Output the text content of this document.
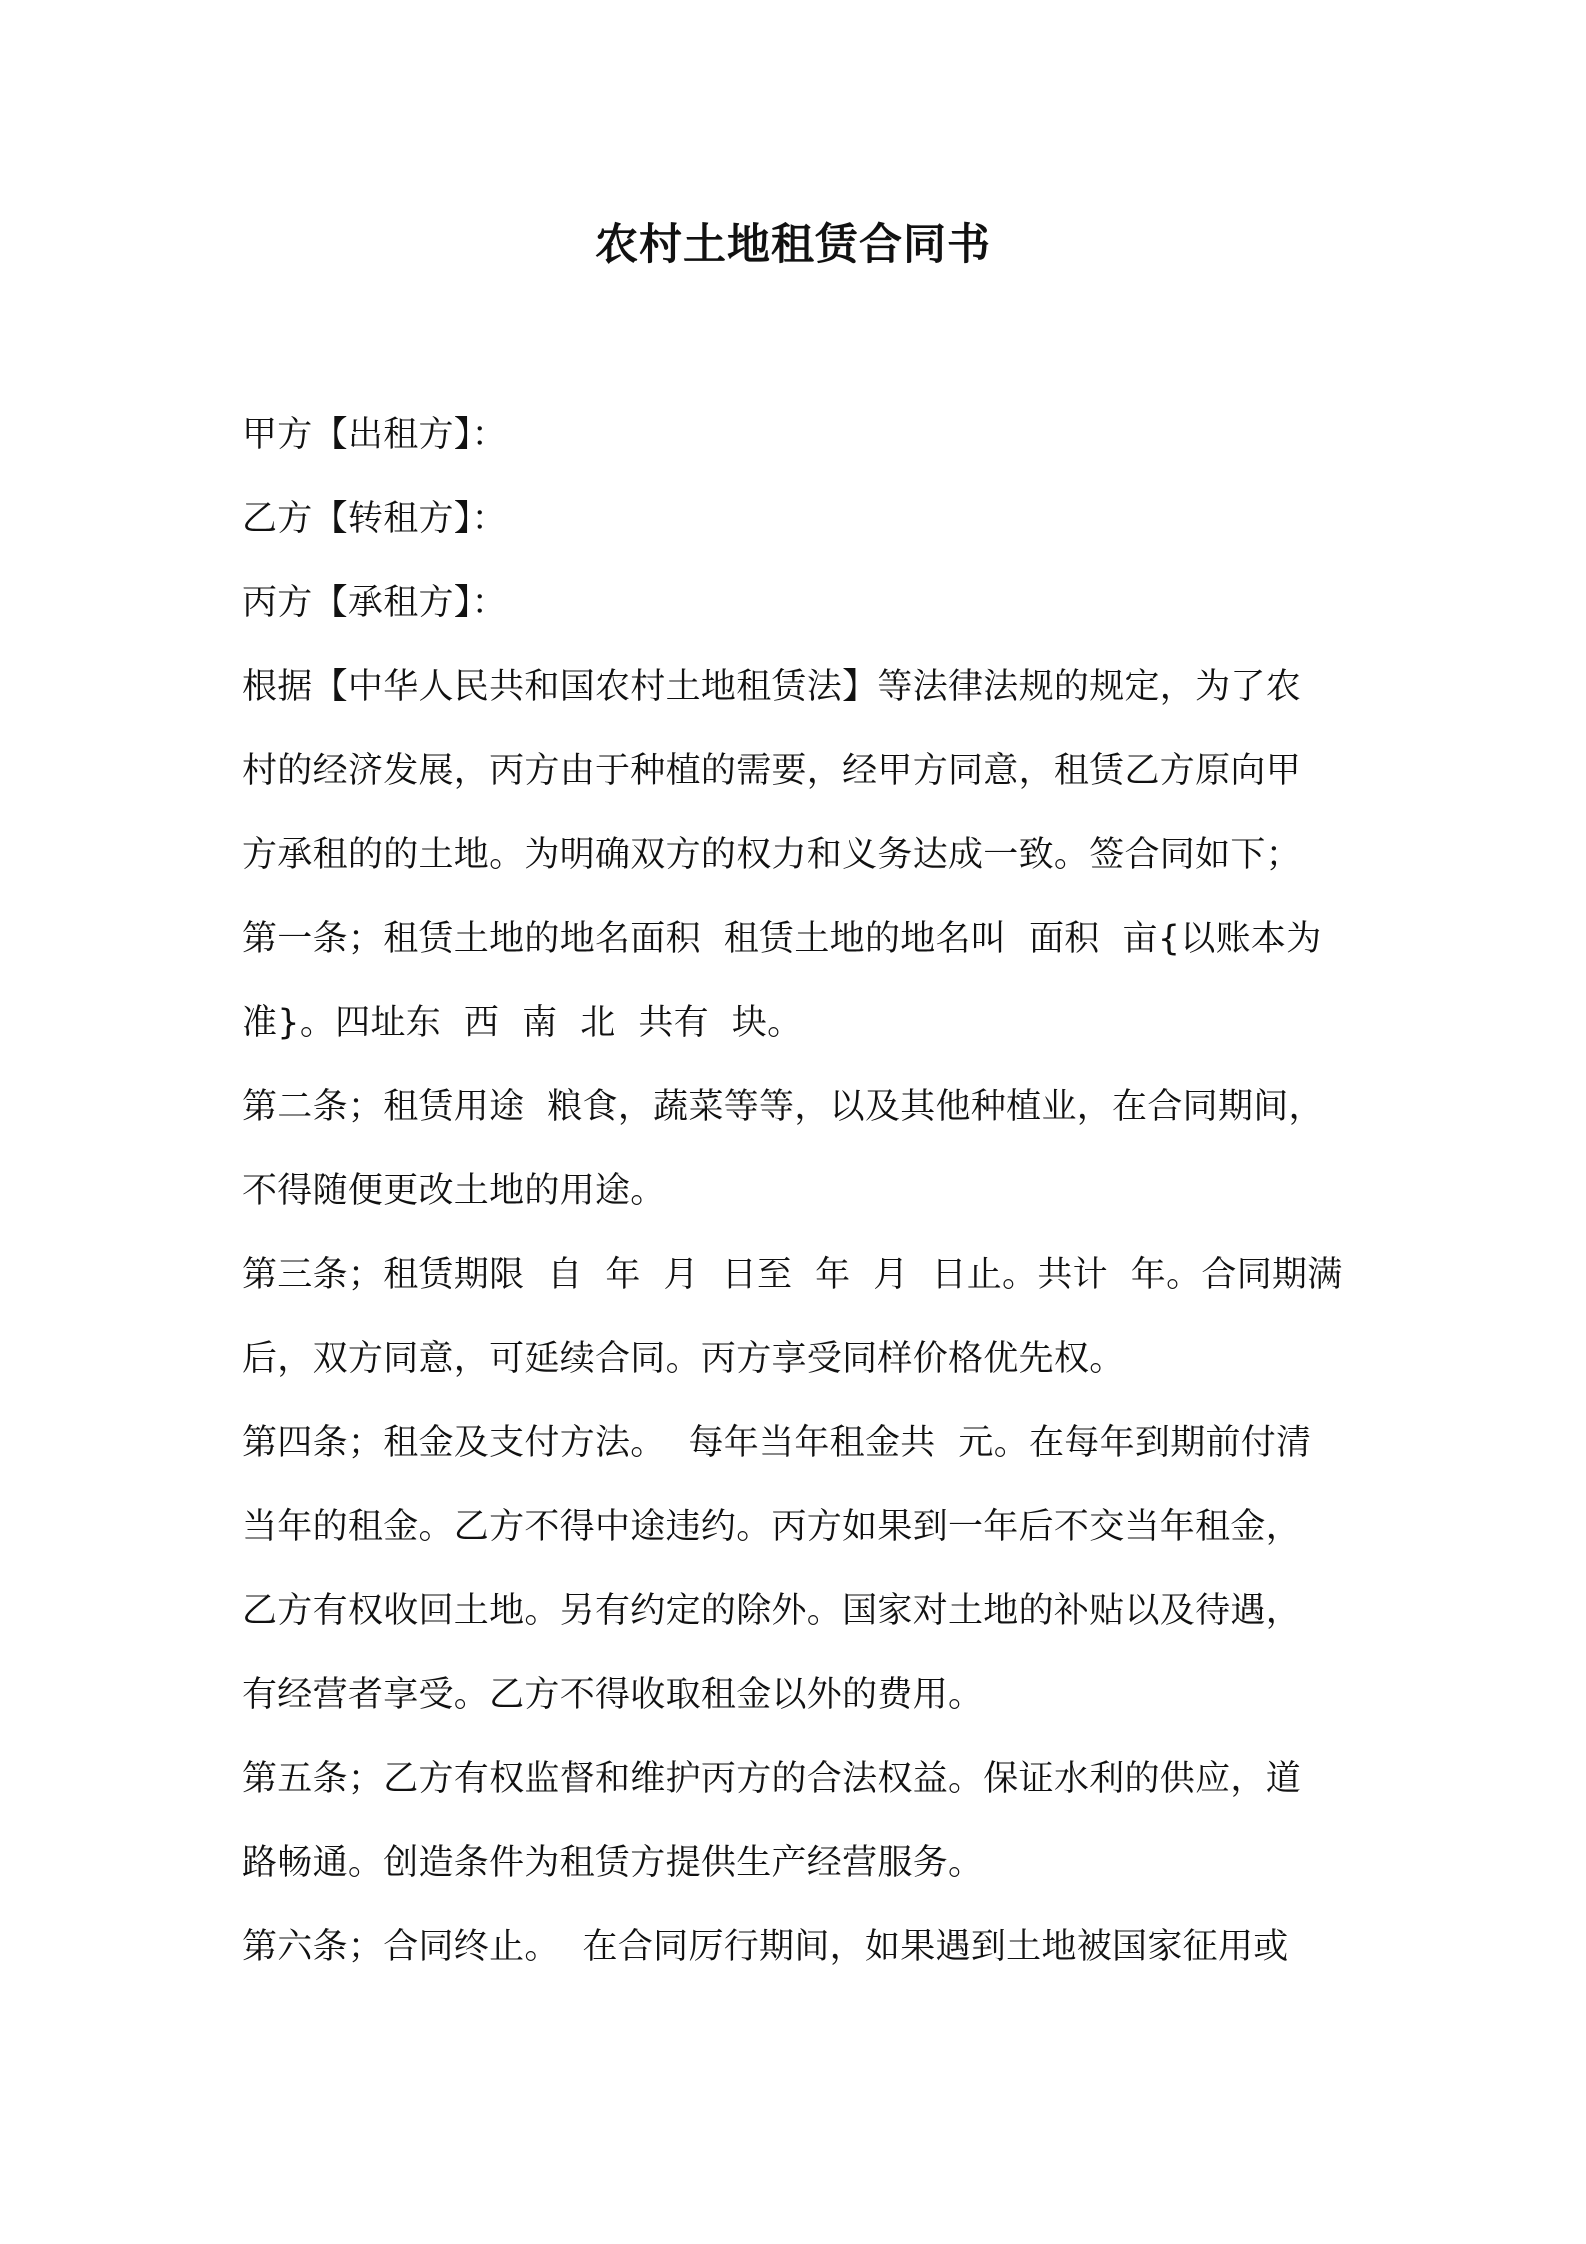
农村土地租赁合同书
甲方【出租方】：
乙方【转租方】：
丙方【承租方】：
根据【中华人民共和国农村土地租赁法】等法律法规的规定，为了农
村的经济发展，丙方由于种植的需要，经甲方同意，租赁乙方原向甲
方承租的的土地。为明确双方的权力和义务达成一致。签合同如下；
第一条；租赁土地的地名面积  租赁土地的地名叫  面积  亩{以账本为
准}。四址东  西  南  北  共有  块。
第二条；租赁用途  粮食，蔬菜等等，以及其他种植业，在合同期间，
不得随便更改土地的用途。
第三条；租赁期限  自  年  月  日至  年  月  日止。共计  年。合同期满
后，双方同意，可延续合同。丙方享受同样价格优先权。
第四条；租金及支付方法。  每年当年租金共  元。在每年到期前付清
当年的租金。乙方不得中途违约。丙方如果到一年后不交当年租金，
乙方有权收回土地。另有约定的除外。国家对土地的补贴以及待遇，
有经营者享受。乙方不得收取租金以外的费用。
第五条；乙方有权监督和维护丙方的合法权益。保证水利的供应，道
路畅通。创造条件为租赁方提供生产经营服务。
第六条；合同终止。  在合同厉行期间，如果遇到土地被国家征用或
